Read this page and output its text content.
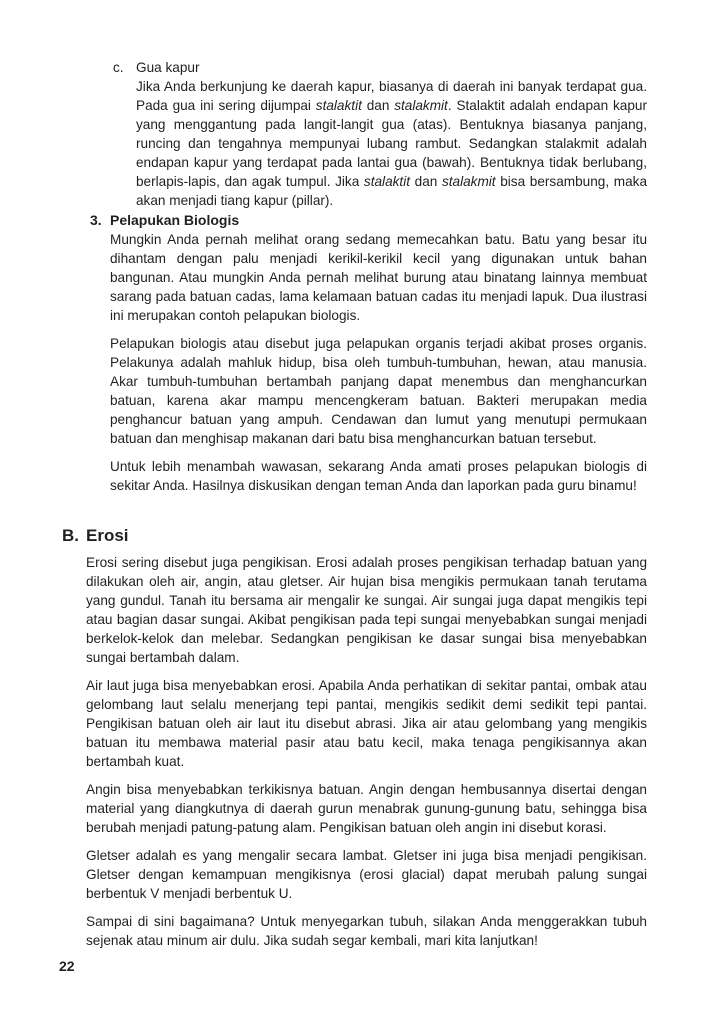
c. Gua kapur

Jika Anda berkunjung ke daerah kapur, biasanya di daerah ini banyak terdapat gua. Pada gua ini sering dijumpai stalaktit dan stalakmit. Stalaktit adalah endapan kapur yang menggantung pada langit-langit gua (atas). Bentuknya biasanya panjang, runcing dan tengahnya mempunyai lubang rambut. Sedangkan stalakmit adalah endapan kapur yang terdapat pada lantai gua (bawah). Bentuknya tidak berlubang, berlapis-lapis, dan agak tumpul. Jika stalaktit dan stalakmit bisa bersambung, maka akan menjadi tiang kapur (pillar).

3. Pelapukan Biologis

Mungkin Anda pernah melihat orang sedang memecahkan batu. Batu yang besar itu dihantam dengan palu menjadi kerikil-kerikil kecil yang digunakan untuk bahan bangunan. Atau mungkin Anda pernah melihat burung atau binatang lainnya membuat sarang pada batuan cadas, lama kelamaan batuan cadas itu menjadi lapuk. Dua ilustrasi ini merupakan contoh pelapukan biologis.

Pelapukan biologis atau disebut juga pelapukan organis terjadi akibat proses organis. Pelakunya adalah mahluk hidup, bisa oleh tumbuh-tumbuhan, hewan, atau manusia. Akar tumbuh-tumbuhan bertambah panjang dapat menembus dan menghancurkan batuan, karena akar mampu mencengkeram batuan. Bakteri merupakan media penghancur batuan yang ampuh. Cendawan dan lumut yang menutupi permukaan batuan dan menghisap makanan dari batu bisa menghancurkan batuan tersebut.

Untuk lebih menambah wawasan, sekarang Anda amati proses pelapukan biologis di sekitar Anda. Hasilnya diskusikan dengan teman Anda dan laporkan pada guru binamu!

B. Erosi

Erosi sering disebut juga pengikisan. Erosi adalah proses pengikisan terhadap batuan yang dilakukan oleh air, angin, atau gletser. Air hujan bisa mengikis permukaan tanah terutama yang gundul. Tanah itu bersama air mengalir ke sungai. Air sungai juga dapat mengikis tepi atau bagian dasar sungai. Akibat pengikisan pada tepi sungai menyebabkan sungai menjadi berkelok-kelok dan melebar. Sedangkan pengikisan ke dasar sungai bisa menyebabkan sungai bertambah dalam.

Air laut juga bisa menyebabkan erosi. Apabila Anda perhatikan di sekitar pantai, ombak atau gelombang laut selalu menerjang tepi pantai, mengikis sedikit demi sedikit tepi pantai. Pengikisan batuan oleh air laut itu disebut abrasi. Jika air atau gelombang yang mengikis batuan itu membawa material pasir atau batu kecil, maka tenaga pengikisannya akan bertambah kuat.

Angin bisa menyebabkan terkikisnya batuan. Angin dengan hembusannya disertai dengan material yang diangkutnya di daerah gurun menabrak gunung-gunung batu, sehingga bisa berubah menjadi patung-patung alam. Pengikisan batuan oleh angin ini disebut korasi.

Gletser adalah es yang mengalir secara lambat. Gletser ini juga bisa menjadi pengikisan. Gletser dengan kemampuan mengikisnya (erosi glacial) dapat merubah palung sungai berbentuk V menjadi berbentuk U.

Sampai di sini bagaimana? Untuk menyegarkan tubuh, silakan Anda menggerakkan tubuh sejenak atau minum air dulu. Jika sudah segar kembali, mari kita lanjutkan!

22
